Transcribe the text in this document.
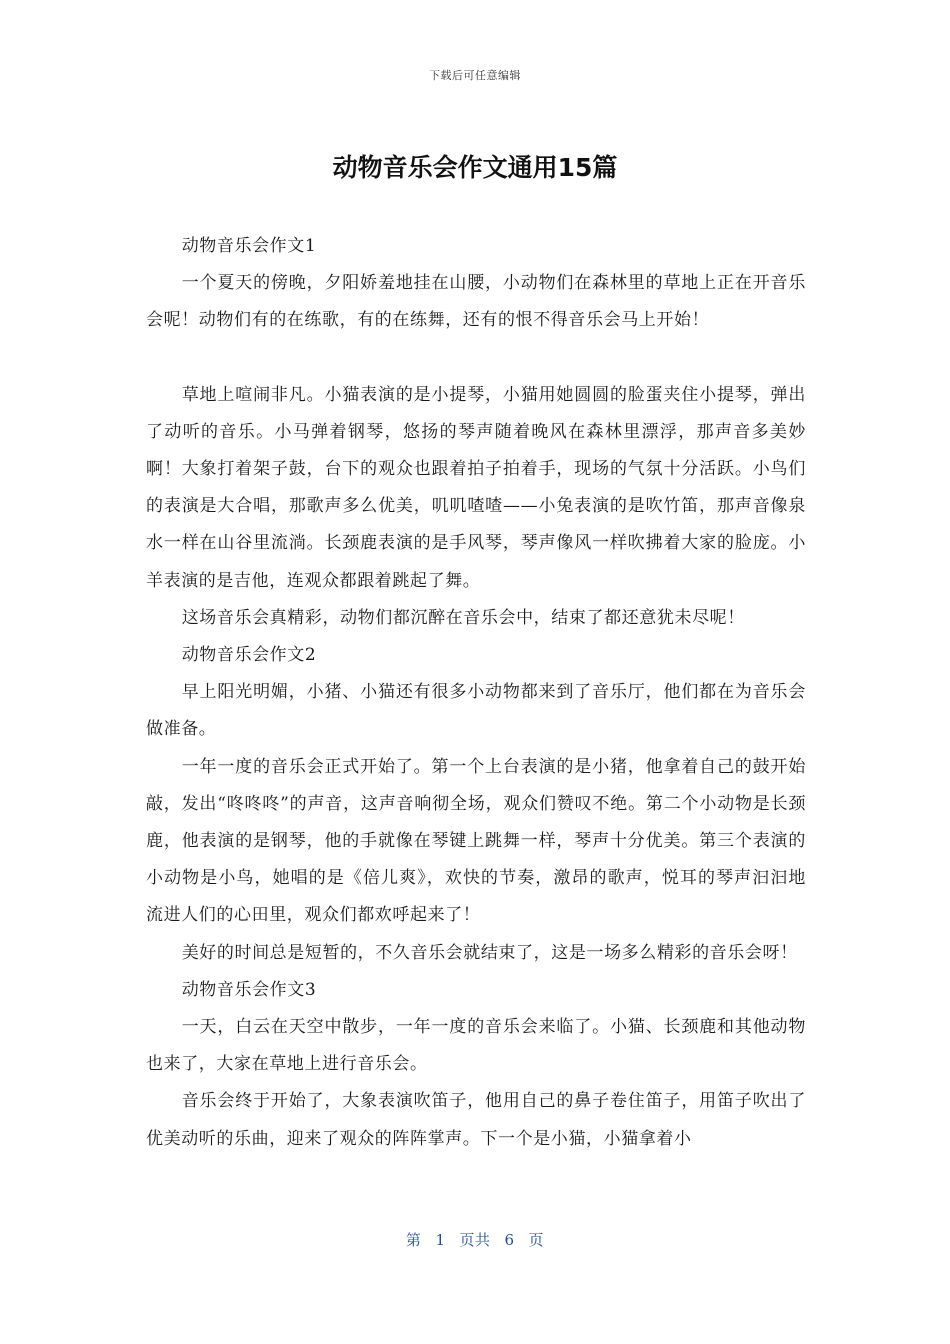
下载后可任意编辑
动物音乐会作文通用15篇

动物音乐会作文1

一个夏天的傍晚，夕阳娇羞地挂在山腰，小动物们在森林里的草地上正在开音乐会呢！动物们有的在练歌，有的在练舞，还有的恨不得音乐会马上开始！

草地上喧闹非凡。小猫表演的是小提琴，小猫用她圆圆的脸蛋夹住小提琴，弹出了动听的音乐。小马弹着钢琴，悠扬的琴声随着晚风在森林里漂浮，那声音多美妙啊！大象打着架子鼓，台下的观众也跟着拍子拍着手，现场的气氛十分活跃。小鸟们的表演是大合唱，那歌声多么优美，叽叽喳喳——小兔表演的是吹竹笛，那声音像泉水一样在山谷里流淌。长颈鹿表演的是手风琴，琴声像风一样吹拂着大家的脸庞。小羊表演的是吉他，连观众都跟着跳起了舞。

这场音乐会真精彩，动物们都沉醉在音乐会中，结束了都还意犹未尽呢！

动物音乐会作文2

早上阳光明媚，小猪、小猫还有很多小动物都来到了音乐厅，他们都在为音乐会做准备。

一年一度的音乐会正式开始了。第一个上台表演的是小猪，他拿着自己的鼓开始敲，发出“咚咚咚”的声音，这声音响彻全场，观众们赞叹不绝。第二个小动物是长颈鹿，他表演的是钢琴，他的手就像在琴键上跳舞一样，琴声十分优美。第三个表演的小动物是小鸟，她唱的是《倍儿爽》，欢快的节奏，激昂的歌声，悦耳的琴声汩汩地流进人们的心田里，观众们都欢呼起来了！

美好的时间总是短暂的，不久音乐会就结束了，这是一场多么精彩的音乐会呀！

动物音乐会作文3

一天，白云在天空中散步，一年一度的音乐会来临了。小猫、长颈鹿和其他动物也来了，大家在草地上进行音乐会。

音乐会终于开始了，大象表演吹笛子，他用自己的鼻子卷住笛子，用笛子吹出了优美动听的乐曲，迎来了观众的阵阵掌声。下一个是小猫，小猫拿着小

第 1 页共 6 页
